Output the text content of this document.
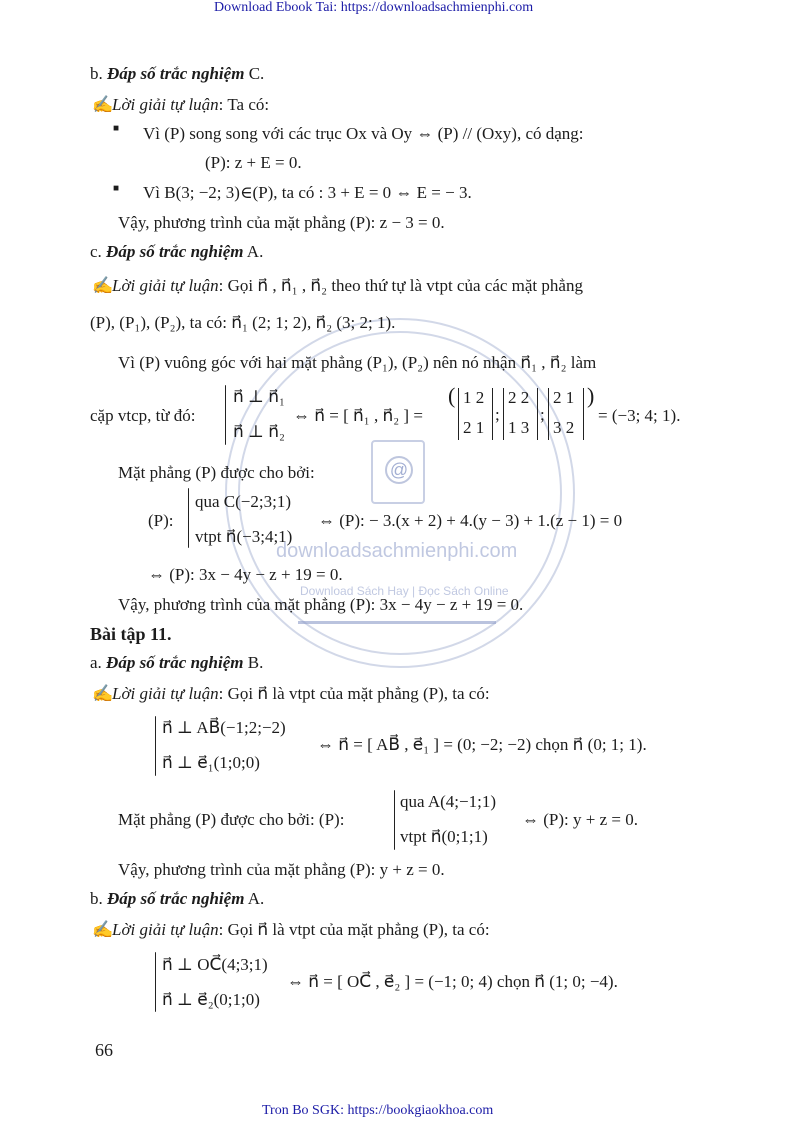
Download Ebook Tai: https://downloadsachmienphi.com
66
Tron Bo SGK: https://bookgiaokhoa.com
@
downloadsachmienphi.com
Download Sách Hay | Đọc Sách Online
b. Đáp số trắc nghiệm C.
✍Lời giải tự luận: Ta có:
■ Vì (P) song song với các trục Ox và Oy ⇔ (P) // (Oxy), có dạng:
(P): z + E = 0.
■ Vì B(3; −2; 3)∈(P), ta có : 3 + E = 0 ⇔ E = − 3.
Vậy, phương trình của mặt phẳng (P): z − 3 = 0.
c. Đáp số trắc nghiệm A.
✍Lời giải tự luận: Gọi n⃗ , n⃗₁ , n⃗₂ theo thứ tự là vtpt của các mặt phẳng
(P), (P₁), (P₂), ta có: n⃗₁ (2; 1; 2), n⃗₂ (3; 2; 1).
Vì (P) vuông góc với hai mặt phẳng (P₁), (P₂) nên nó nhận n⃗₁ , n⃗₂ làm
cặp vtcp, từ đó:
n⃗ ⊥ n⃗₁
n⃗ ⊥ n⃗₂
⇔ n⃗ = [ n⃗₁ , n⃗₂ ] =
( 1 2
2 1
;
2 2
1 3
;
2 1
3 2
)
= (−3; 4; 1).
Mặt phẳng (P) được cho bởi:
(P):
qua C(−2;3;1)
vtpt n⃗(−3;4;1)
⇔ (P): − 3.(x + 2) + 4.(y − 3) + 1.(z − 1) = 0
⇔ (P): 3x − 4y − z + 19 = 0.
Vậy, phương trình của mặt phẳng (P): 3x − 4y − z + 19 = 0.
Bài tập 11.
a. Đáp số trắc nghiệm B.
✍Lời giải tự luận: Gọi n⃗ là vtpt của mặt phẳng (P), ta có:
n⃗ ⊥ AB⃗(−1;2;−2)
n⃗ ⊥ e⃗₁(1;0;0)
⇔ n⃗ = [ AB⃗ , e⃗₁ ] = (0; −2; −2) chọn n⃗ (0; 1; 1).
Mặt phẳng (P) được cho bởi: (P):
qua A(4;−1;1)
vtpt n⃗(0;1;1)
⇔ (P): y + z = 0.
Vậy, phương trình của mặt phẳng (P): y + z = 0.
b. Đáp số trắc nghiệm A.
✍Lời giải tự luận: Gọi n⃗ là vtpt của mặt phẳng (P), ta có:
n⃗ ⊥ OC⃗(4;3;1)
n⃗ ⊥ e⃗₂(0;1;0)
⇔ n⃗ = [ OC⃗ , e⃗₂ ] = (−1; 0; 4) chọn n⃗ (1; 0; −4).
